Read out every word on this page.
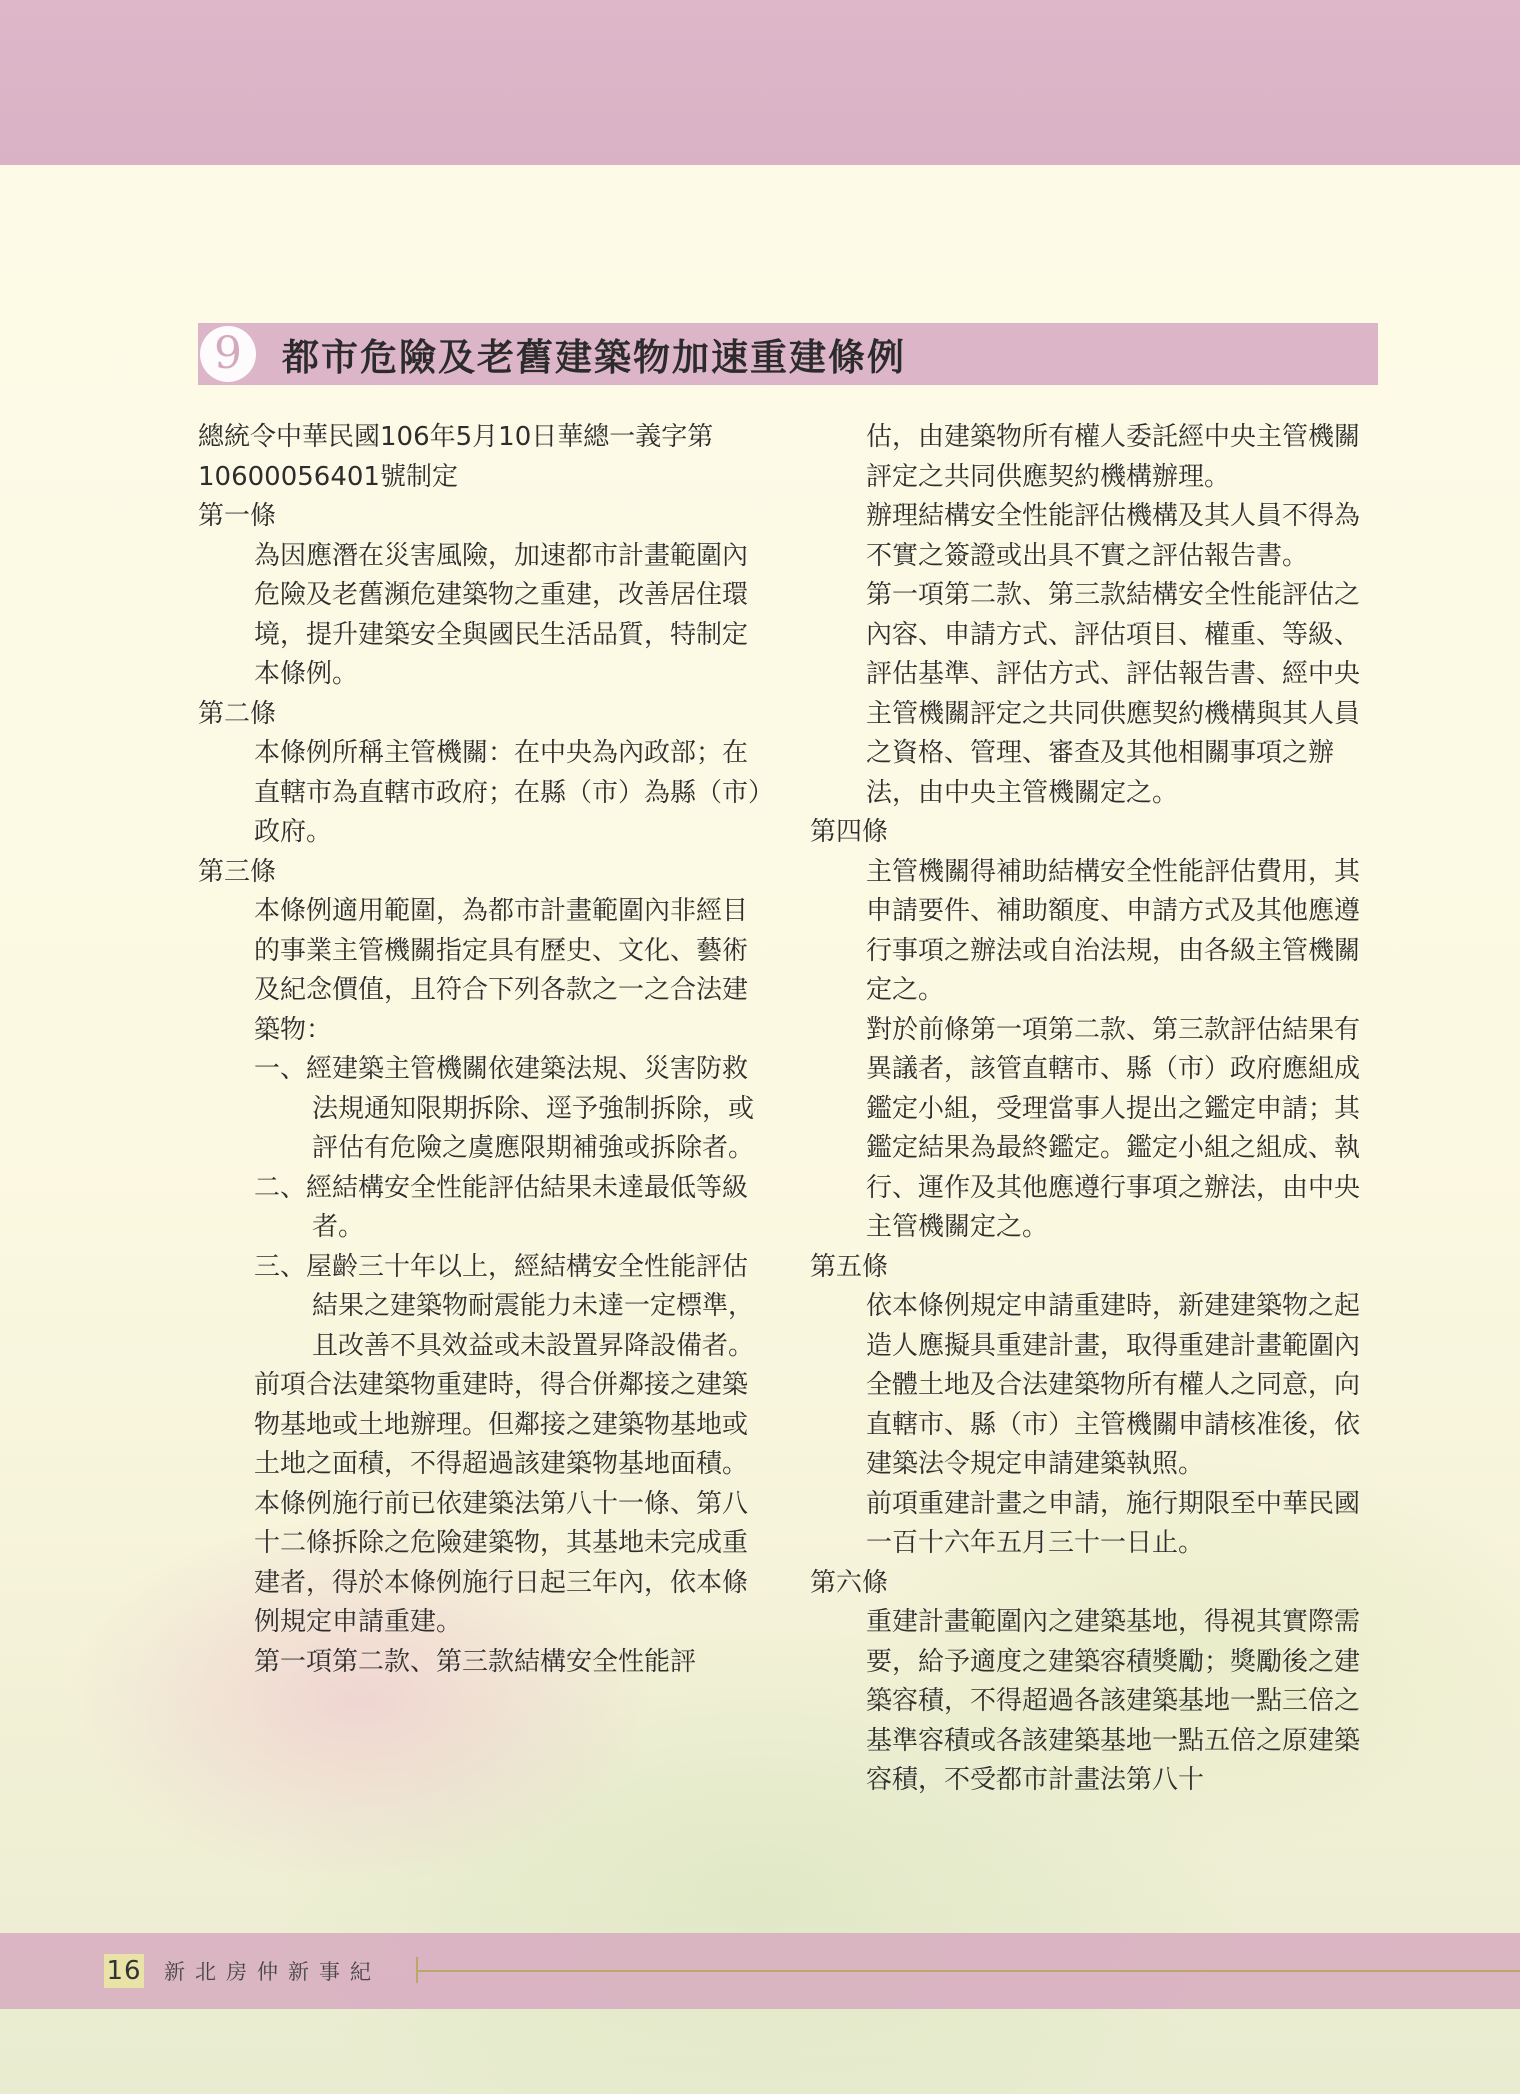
9 都市危險及老舊建築物加速重建條例

總統令中華民國106年5月10日華總一義字第

10600056401號制定

第一條

為因應潛在災害風險，加速都市計畫範圍內危險及老舊瀕危建築物之重建，改善居住環境，提升建築安全與國民生活品質，特制定本條例。

第二條

本條例所稱主管機關：在中央為內政部；在直轄市為直轄市政府；在縣（市）為縣（市）政府。

第三條

本條例適用範圍，為都市計畫範圍內非經目的事業主管機關指定具有歷史、文化、藝術及紀念價值，且符合下列各款之一之合法建築物：

一、經建築主管機關依建築法規、災害防救法規通知限期拆除、逕予強制拆除，或評估有危險之虞應限期補強或拆除者。

二、經結構安全性能評估結果未達最低等級者。

三、屋齡三十年以上，經結構安全性能評估結果之建築物耐震能力未達一定標準，且改善不具效益或未設置昇降設備者。

前項合法建築物重建時，得合併鄰接之建築物基地或土地辦理。但鄰接之建築物基地或土地之面積，不得超過該建築物基地面積。

本條例施行前已依建築法第八十一條、第八十二條拆除之危險建築物，其基地未完成重建者，得於本條例施行日起三年內，依本條例規定申請重建。

第一項第二款、第三款結構安全性能評

估，由建築物所有權人委託經中央主管機關評定之共同供應契約機構辦理。

辦理結構安全性能評估機構及其人員不得為不實之簽證或出具不實之評估報告書。

第一項第二款、第三款結構安全性能評估之內容、申請方式、評估項目、權重、等級、評估基準、評估方式、評估報告書、經中央主管機關評定之共同供應契約機構與其人員之資格、管理、審查及其他相關事項之辦法，由中央主管機關定之。

第四條

主管機關得補助結構安全性能評估費用，其申請要件、補助額度、申請方式及其他應遵行事項之辦法或自治法規，由各級主管機關定之。

對於前條第一項第二款、第三款評估結果有異議者，該管直轄市、縣（市）政府應組成鑑定小組，受理當事人提出之鑑定申請；其鑑定結果為最終鑑定。鑑定小組之組成、執行、運作及其他應遵行事項之辦法，由中央主管機關定之。

第五條

依本條例規定申請重建時，新建建築物之起造人應擬具重建計畫，取得重建計畫範圍內全體土地及合法建築物所有權人之同意，向直轄市、縣（市）主管機關申請核准後，依建築法令規定申請建築執照。

前項重建計畫之申請，施行期限至中華民國一百十六年五月三十一日止。

第六條

重建計畫範圍內之建築基地，得視其實際需要，給予適度之建築容積獎勵；獎勵後之建築容積，不得超過各該建築基地一點三倍之基準容積或各該建築基地一點五倍之原建築容積，不受都市計畫法第八十

16 新北房仲新事紀
